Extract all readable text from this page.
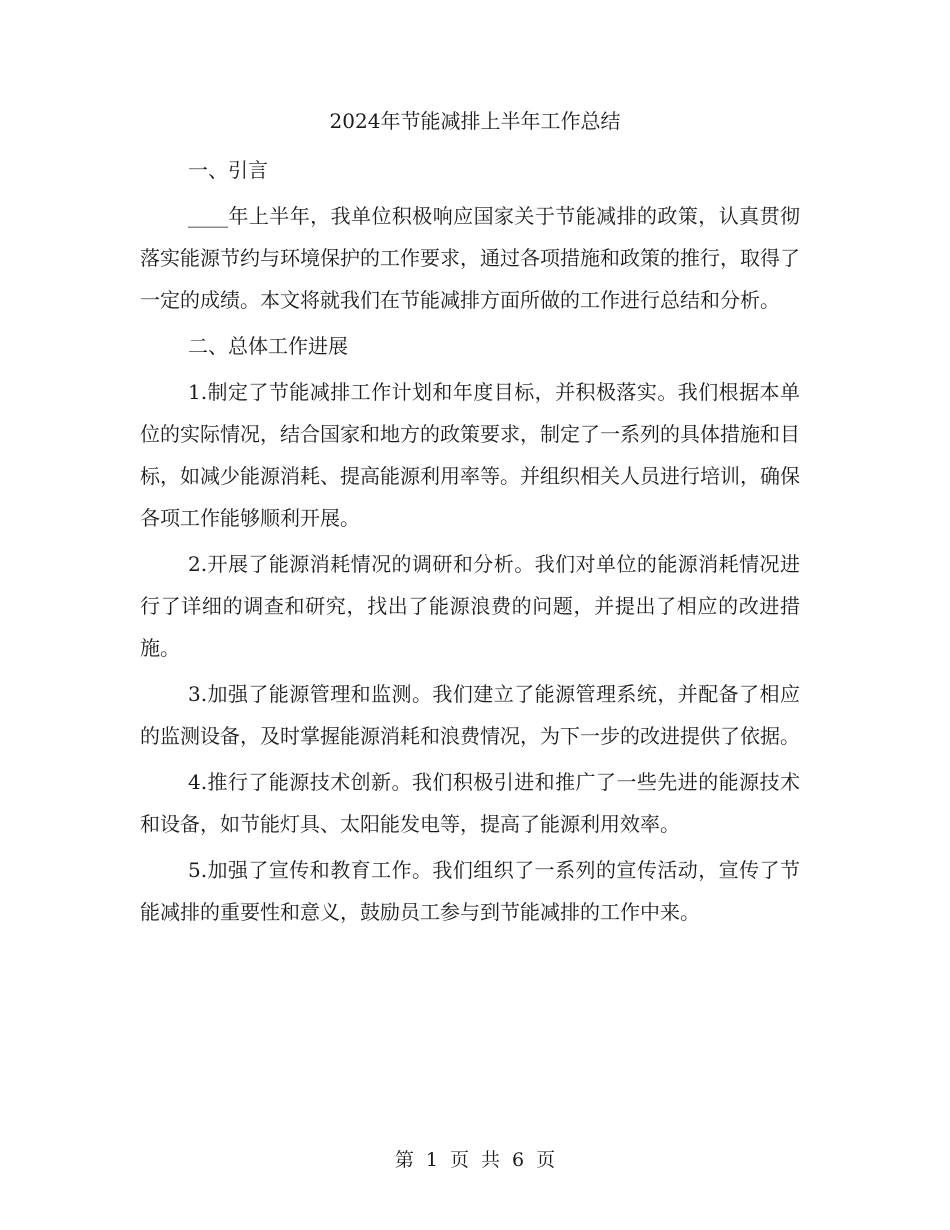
2024年节能减排上半年工作总结

一、引言

____年上半年，我单位积极响应国家关于节能减排的政策，认真贯彻落实能源节约与环境保护的工作要求，通过各项措施和政策的推行，取得了一定的成绩。本文将就我们在节能减排方面所做的工作进行总结和分析。

二、总体工作进展

1.制定了节能减排工作计划和年度目标，并积极落实。我们根据本单位的实际情况，结合国家和地方的政策要求，制定了一系列的具体措施和目标，如减少能源消耗、提高能源利用率等。并组织相关人员进行培训，确保各项工作能够顺利开展。

2.开展了能源消耗情况的调研和分析。我们对单位的能源消耗情况进行了详细的调查和研究，找出了能源浪费的问题，并提出了相应的改进措施。

3.加强了能源管理和监测。我们建立了能源管理系统，并配备了相应的监测设备，及时掌握能源消耗和浪费情况，为下一步的改进提供了依据。

4.推行了能源技术创新。我们积极引进和推广了一些先进的能源技术和设备，如节能灯具、太阳能发电等，提高了能源利用效率。

5.加强了宣传和教育工作。我们组织了一系列的宣传活动，宣传了节能减排的重要性和意义，鼓励员工参与到节能减排的工作中来。

第 1 页 共 6 页
